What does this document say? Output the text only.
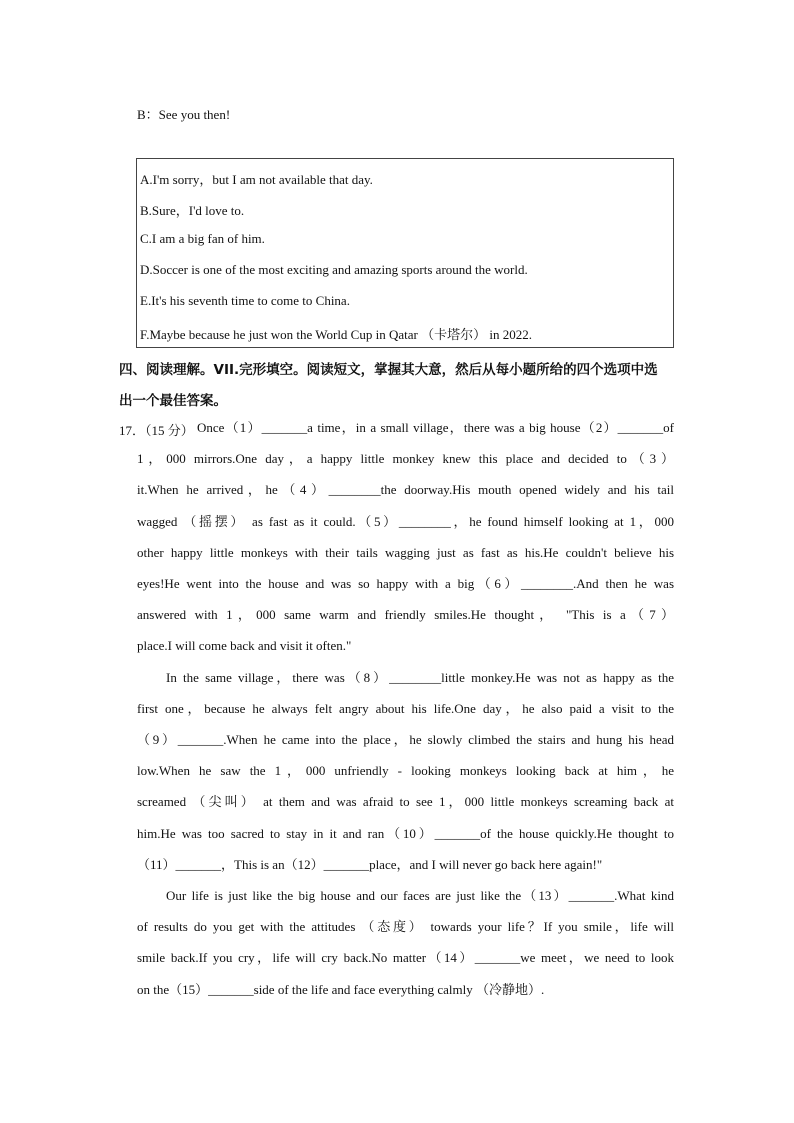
B：See you then!
A.I'm sorry，but I am not available that day.
B.Sure，I'd love to.
C.I am a big fan of him.
D.Soccer is one of the most exciting and amazing sports around the world.
E.It's his seventh time to come to China.
F.Maybe because he just won the World Cup in Qatar （卡塔尔） in 2022.
四、阅读理解。VII.完形填空。阅读短文，掌握其大意，然后从每小题所给的四个选项中选
出一个最佳答案。
17．（15 分） Once（1）_______a time，in a small village，there was a big house（2）_______of
1，000 mirrors.One day，a happy little monkey knew this place and decided to（3）
it.When he arrived，he（4）________the doorway.His mouth opened widely and his tail
wagged （摇摆） as fast as it could.（5）________，he found himself looking at 1，000
other happy little monkeys with their tails wagging just as fast as his.He couldn't believe his
eyes!He went into the house and was so happy with a big（6）________.And then he was
answered with 1，000 same warm and friendly smiles.He thought， "This is a（7）
place.I will come back and visit it often."
In the same village，there was（8）________little monkey.He was not as happy as the
first one，because he always felt angry about his life.One day，he also paid a visit to the
（9）_______.When he came into the place，he slowly climbed the stairs and hung his head
low.When he saw the 1，000 unfriendly - looking monkeys looking back at him，he
screamed （尖叫） at them and was afraid to see 1，000 little monkeys screaming back at
him.He was too sacred to stay in it and ran（10）_______of the house quickly.He thought to
（11）_______，This is an（12）_______place，and I will never go back here again!"
Our life is just like the big house and our faces are just like the（13）_______.What kind
of results do you get with the attitudes （态度） towards your life？If you smile，life will
smile back.If you cry，life will cry back.No matter（14）_______we meet，we need to look
on the（15）_______side of the life and face everything calmly （冷静地）.
